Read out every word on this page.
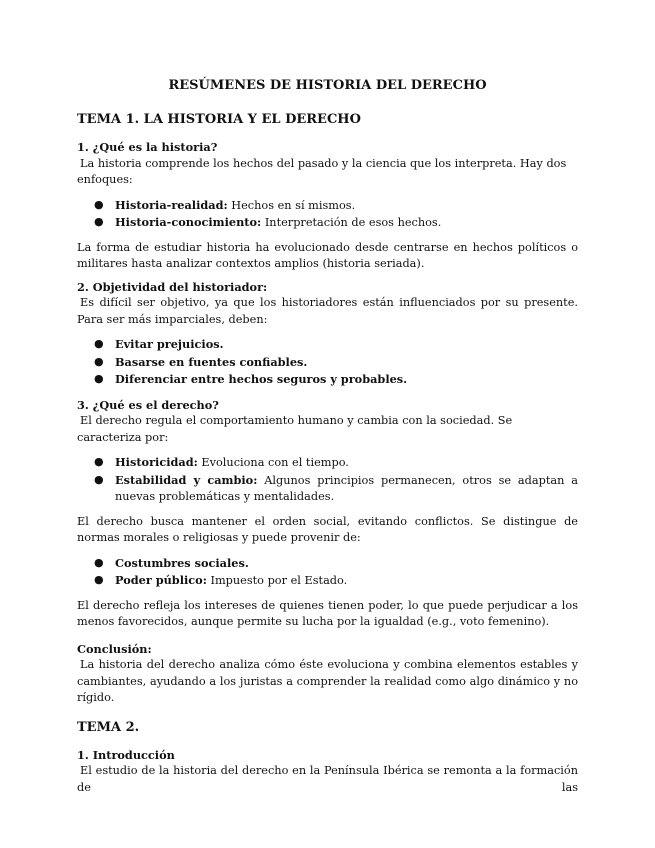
RESÚMENES DE HISTORIA DEL DERECHO
TEMA 1. LA HISTORIA Y EL DERECHO
1. ¿Qué es la historia?

La historia comprende los hechos del pasado y la ciencia que los interpreta. Hay dos enfoques:

● Historia-realidad: Hechos en sí mismos.
● Historia-conocimiento: Interpretación de esos hechos.

La forma de estudiar historia ha evolucionado desde centrarse en hechos políticos o militares hasta analizar contextos amplios (historia seriada).

2. Objetividad del historiador:

Es difícil ser objetivo, ya que los historiadores están influenciados por su presente. Para ser más imparciales, deben:

● Evitar prejuicios.
● Basarse en fuentes confiables.
● Diferenciar entre hechos seguros y probables.
3. ¿Qué es el derecho?

El derecho regula el comportamiento humano y cambia con la sociedad. Se caracteriza por:

● Historicidad: Evoluciona con el tiempo.
● Estabilidad y cambio: Algunos principios permanecen, otros se adaptan a nuevas problemáticas y mentalidades.

El derecho busca mantener el orden social, evitando conflictos. Se distingue de normas morales o religiosas y puede provenir de:

● Costumbres sociales.
● Poder público: Impuesto por el Estado.

El derecho refleja los intereses de quienes tienen poder, lo que puede perjudicar a los menos favorecidos, aunque permite su lucha por la igualdad (e.g., voto femenino).

Conclusión:

La historia del derecho analiza cómo éste evoluciona y combina elementos estables y cambiantes, ayudando a los juristas a comprender la realidad como algo dinámico y no rígido.

TEMA 2.
1. Introducción

El estudio de la historia del derecho en la Península Ibérica se remonta a la formación de las
